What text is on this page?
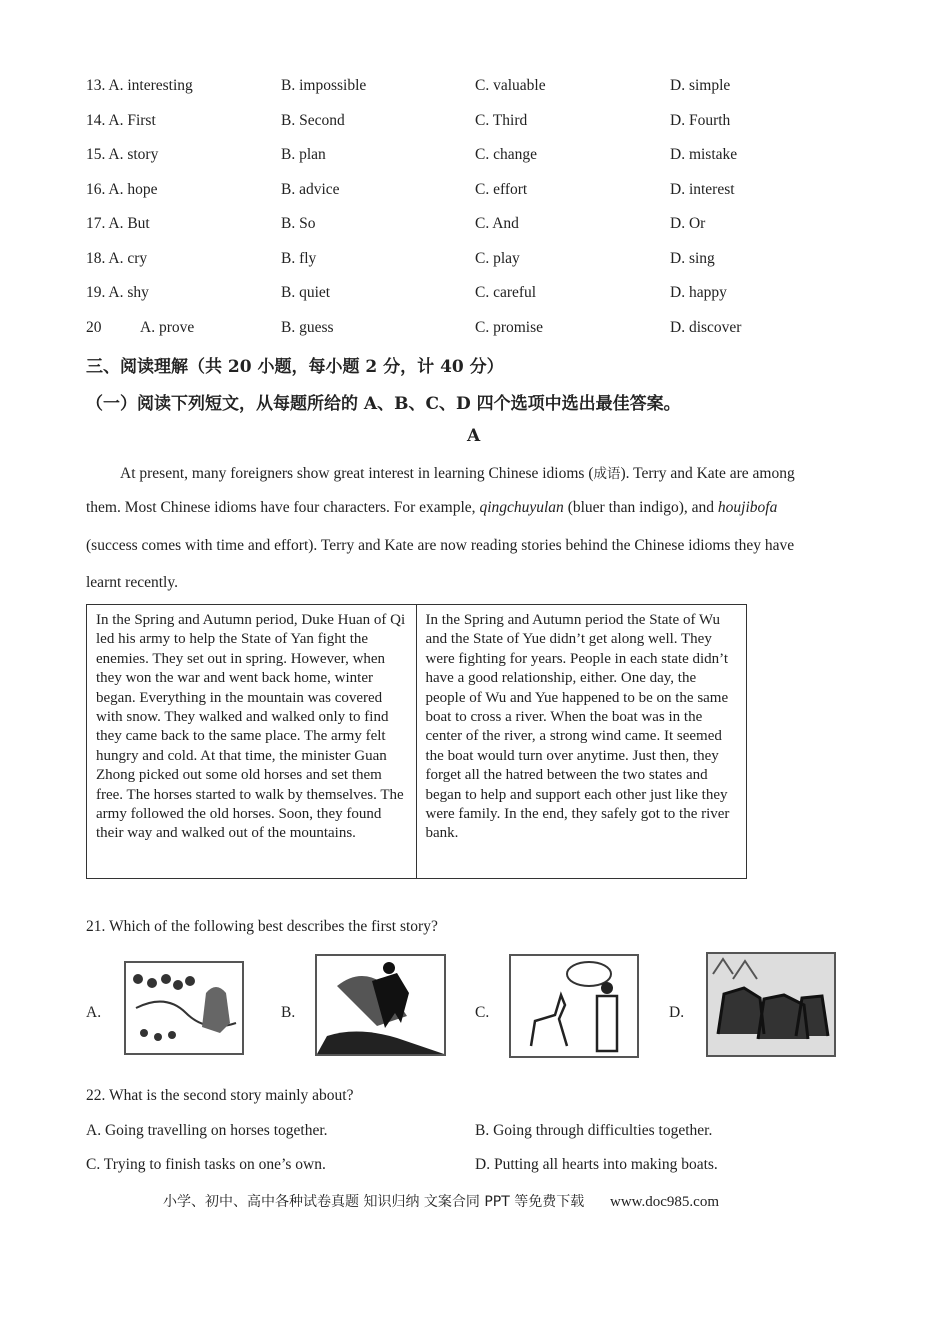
13. A. interesting	B. impossible	C. valuable	D. simple
14. A. First	B. Second	C. Third	D. Fourth
15. A. story	B. plan	C. change	D. mistake
16. A. hope	B. advice	C. effort	D. interest
17. A. But	B. So	C. And	D. Or
18. A. cry	B. fly	C. play	D. sing
19. A. shy	B. quiet	C. careful	D. happy
20 A. prove	B. guess	C. promise	D. discover
三、阅读理解（共 20 小题，每小题 2 分，计 40 分）
（一）阅读下列短文，从每题所给的 A、B、C、D 四个选项中选出最佳答案。
A
At present, many foreigners show great interest in learning Chinese idioms (成语). Terry and Kate are among
them. Most Chinese idioms have four characters. For example, qingchuyulan (bluer than indigo), and houjibofa
(success comes with time and effort). Terry and Kate are now reading stories behind the Chinese idioms they have
learnt recently.
In the Spring and Autumn period, Duke Huan of Qi led his army to help the State of Yan fight the enemies. They set out in spring. However, when they won the war and went back home, winter began. Everything in the mountain was covered with snow. They walked and walked only to find they came back to the same place. The army felt hungry and cold. At that time, the minister Guan Zhong picked out some old horses and set them free. The horses started to walk by themselves. The army followed the old horses. Soon, they found their way and walked out of the mountains.
In the Spring and Autumn period the State of Wu and the State of Yue didn’t get along well. They were fighting for years. People in each state didn’t have a good relationship, either. One day, the people of Wu and Yue happened to be on the same boat to cross a river. When the boat was in the center of the river, a strong wind came. It seemed the boat would turn over anytime. Just then, they forget all the hatred between the two states and began to help and support each other just like they were family. In the end, they safely got to the river bank.
21. Which of the following best describes the first story?
A.	B.	C.	D.
22. What is the second story mainly about?
A. Going travelling on horses together.	B. Going through difficulties together.
C. Trying to finish tasks on one’s own.	D. Putting all hearts into making boats.
小学、初中、高中各种试卷真题 知识归纳 文案合同 PPT 等免费下载 www.doc985.com
